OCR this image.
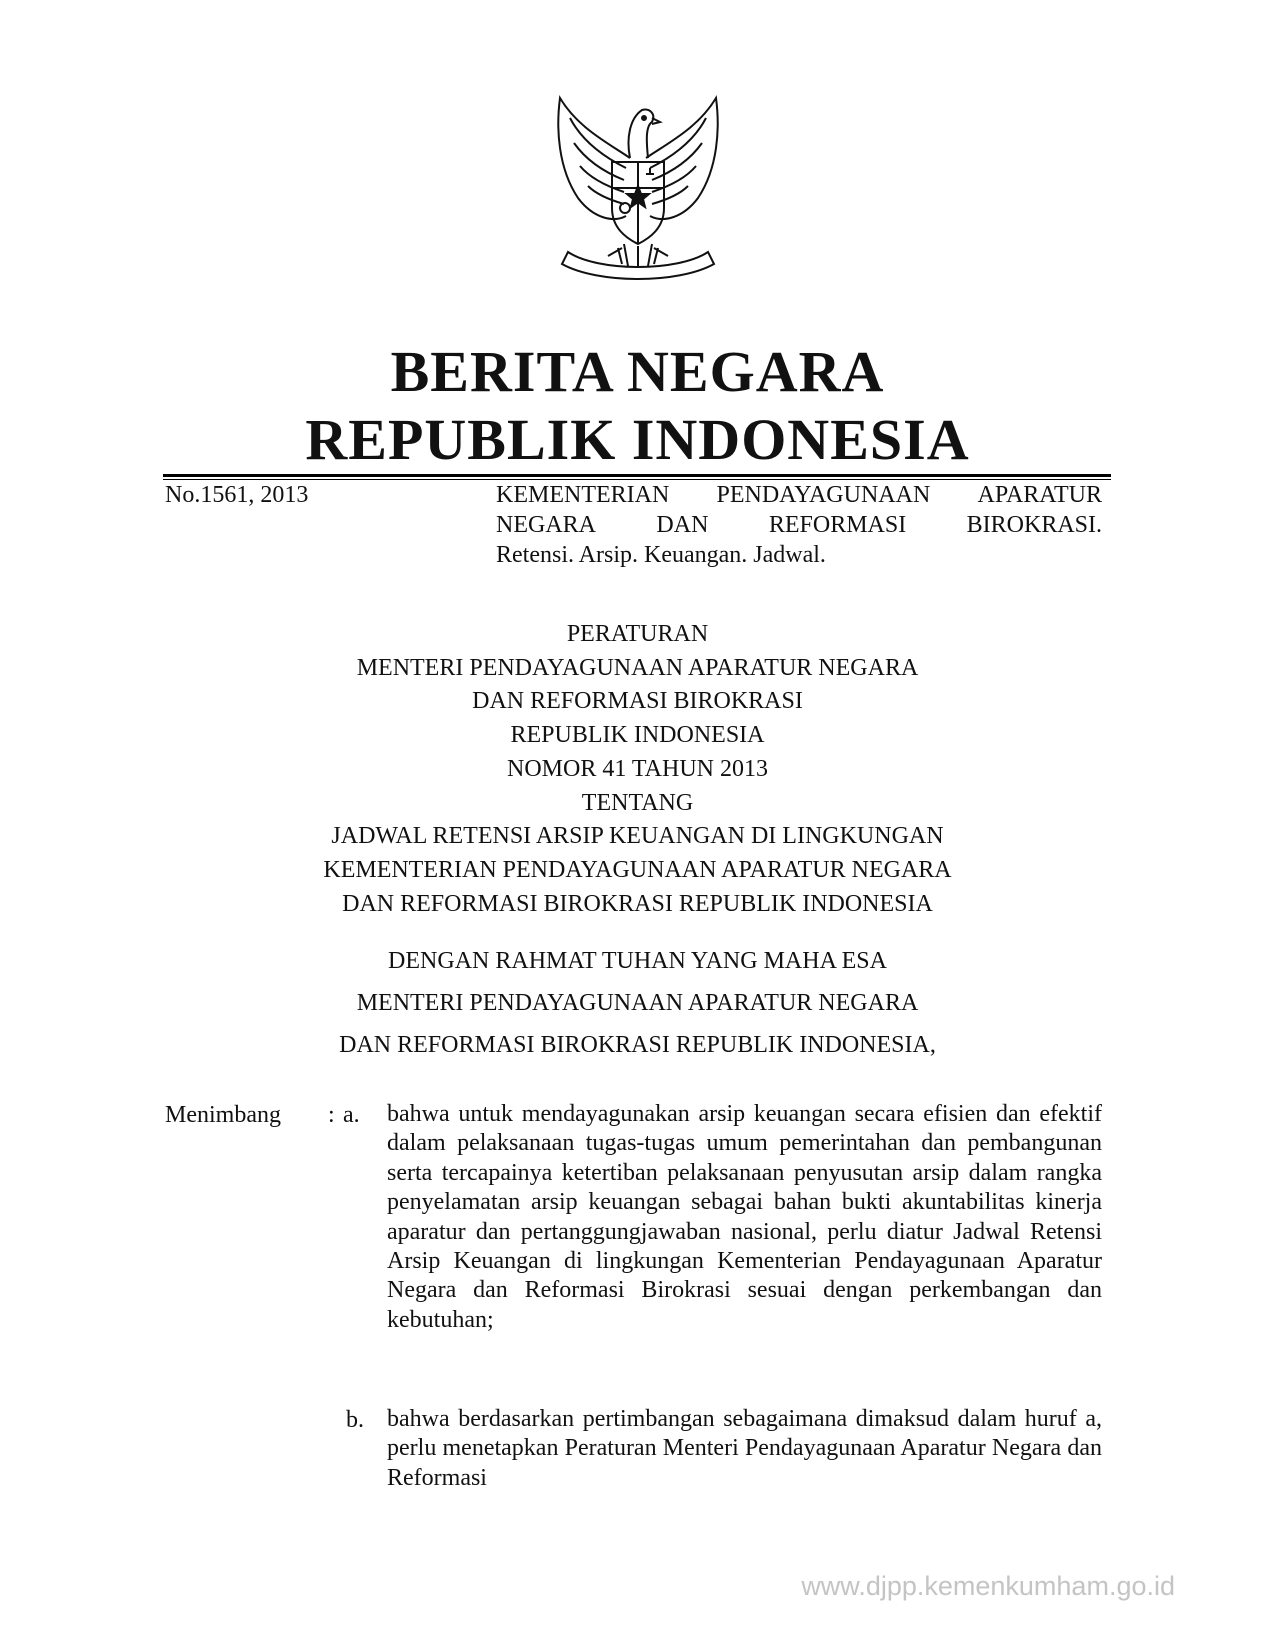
BERITA NEGARA
REPUBLIK INDONESIA
No.1561, 2013	KEMENTERIAN PENDAYAGUNAAN APARATUR
NEGARA	DAN	REFORMASI	BIROKRASI.
Retensi. Arsip. Keuangan. Jadwal.
PERATURAN
MENTERI PENDAYAGUNAAN APARATUR NEGARA
DAN REFORMASI BIROKRASI
REPUBLIK INDONESIA
NOMOR 41 TAHUN 2013
TENTANG
JADWAL RETENSI ARSIP KEUANGAN DI LINGKUNGAN
KEMENTERIAN PENDAYAGUNAAN APARATUR NEGARA
DAN REFORMASI BIROKRASI REPUBLIK INDONESIA
DENGAN RAHMAT TUHAN YANG MAHA ESA
MENTERI PENDAYAGUNAAN APARATUR NEGARA
DAN REFORMASI BIROKRASI REPUBLIK INDONESIA,
Menimbang : a. bahwa untuk mendayagunakan arsip keuangan secara efisien dan efektif dalam pelaksanaan tugas-tugas umum pemerintahan dan pembangunan serta tercapainya ketertiban pelaksanaan penyusutan arsip dalam rangka penyelamatan arsip keuangan sebagai bahan bukti akuntabilitas kinerja aparatur dan pertanggungjawaban nasional, perlu diatur Jadwal Retensi Arsip Keuangan di lingkungan Kementerian Pendayagunaan Aparatur Negara dan Reformasi Birokrasi sesuai dengan perkembangan dan kebutuhan;
b. bahwa berdasarkan pertimbangan sebagaimana dimaksud dalam huruf a, perlu menetapkan Peraturan Menteri Pendayagunaan Aparatur Negara dan Reformasi
www.djpp.kemenkumham.go.id
